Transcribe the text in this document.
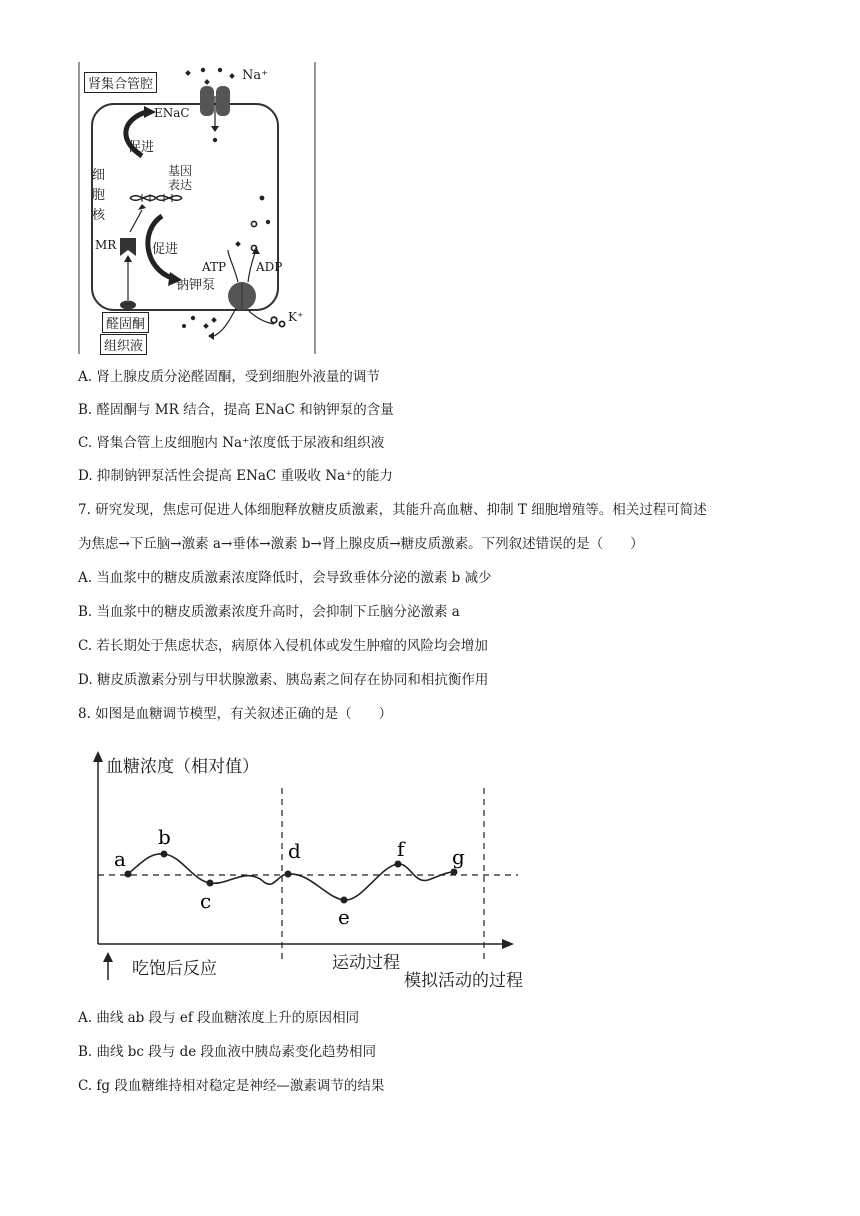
肾集合管腔
Na⁺
ENaC
促进
基因
表达
细
胞
核
MR	促进
ATP ADP
钠钾泵
K⁺
醛固酮
组织液
A. 肾上腺皮质分泌醛固酮，受到细胞外液量的调节
B. 醛固酮与 MR 结合，提高 ENaC 和钠钾泵的含量
C. 肾集合管上皮细胞内 Na⁺浓度低于尿液和组织液
D. 抑制钠钾泵活性会提高 ENaC 重吸收 Na⁺的能力
7. 研究发现，焦虑可促进人体细胞释放糖皮质激素，其能升高血糖、抑制 T 细胞增殖等。相关过程可简述
为焦虑→下丘脑→激素 a→垂体→激素 b→肾上腺皮质→糖皮质激素。下列叙述错误的是（　　）
A. 当血浆中的糖皮质激素浓度降低时，会导致垂体分泌的激素 b 减少
B. 当血浆中的糖皮质激素浓度升高时，会抑制下丘脑分泌激素 a
C. 若长期处于焦虑状态，病原体入侵机体或发生肿瘤的风险均会增加
D. 糖皮质激素分别与甲状腺激素、胰岛素之间存在协同和相抗衡作用
8. 如图是血糖调节模型，有关叙述正确的是（　　）
a
b
c
d
e
f g
血糖浓度（相对值）
吃饱后反应	运动过程
模拟活动的过程
A. 曲线 ab 段与 ef 段血糖浓度上升的原因相同
B. 曲线 bc 段与 de 段血液中胰岛素变化趋势相同
C. fg 段血糖维持相对稳定是神经—激素调节的结果
